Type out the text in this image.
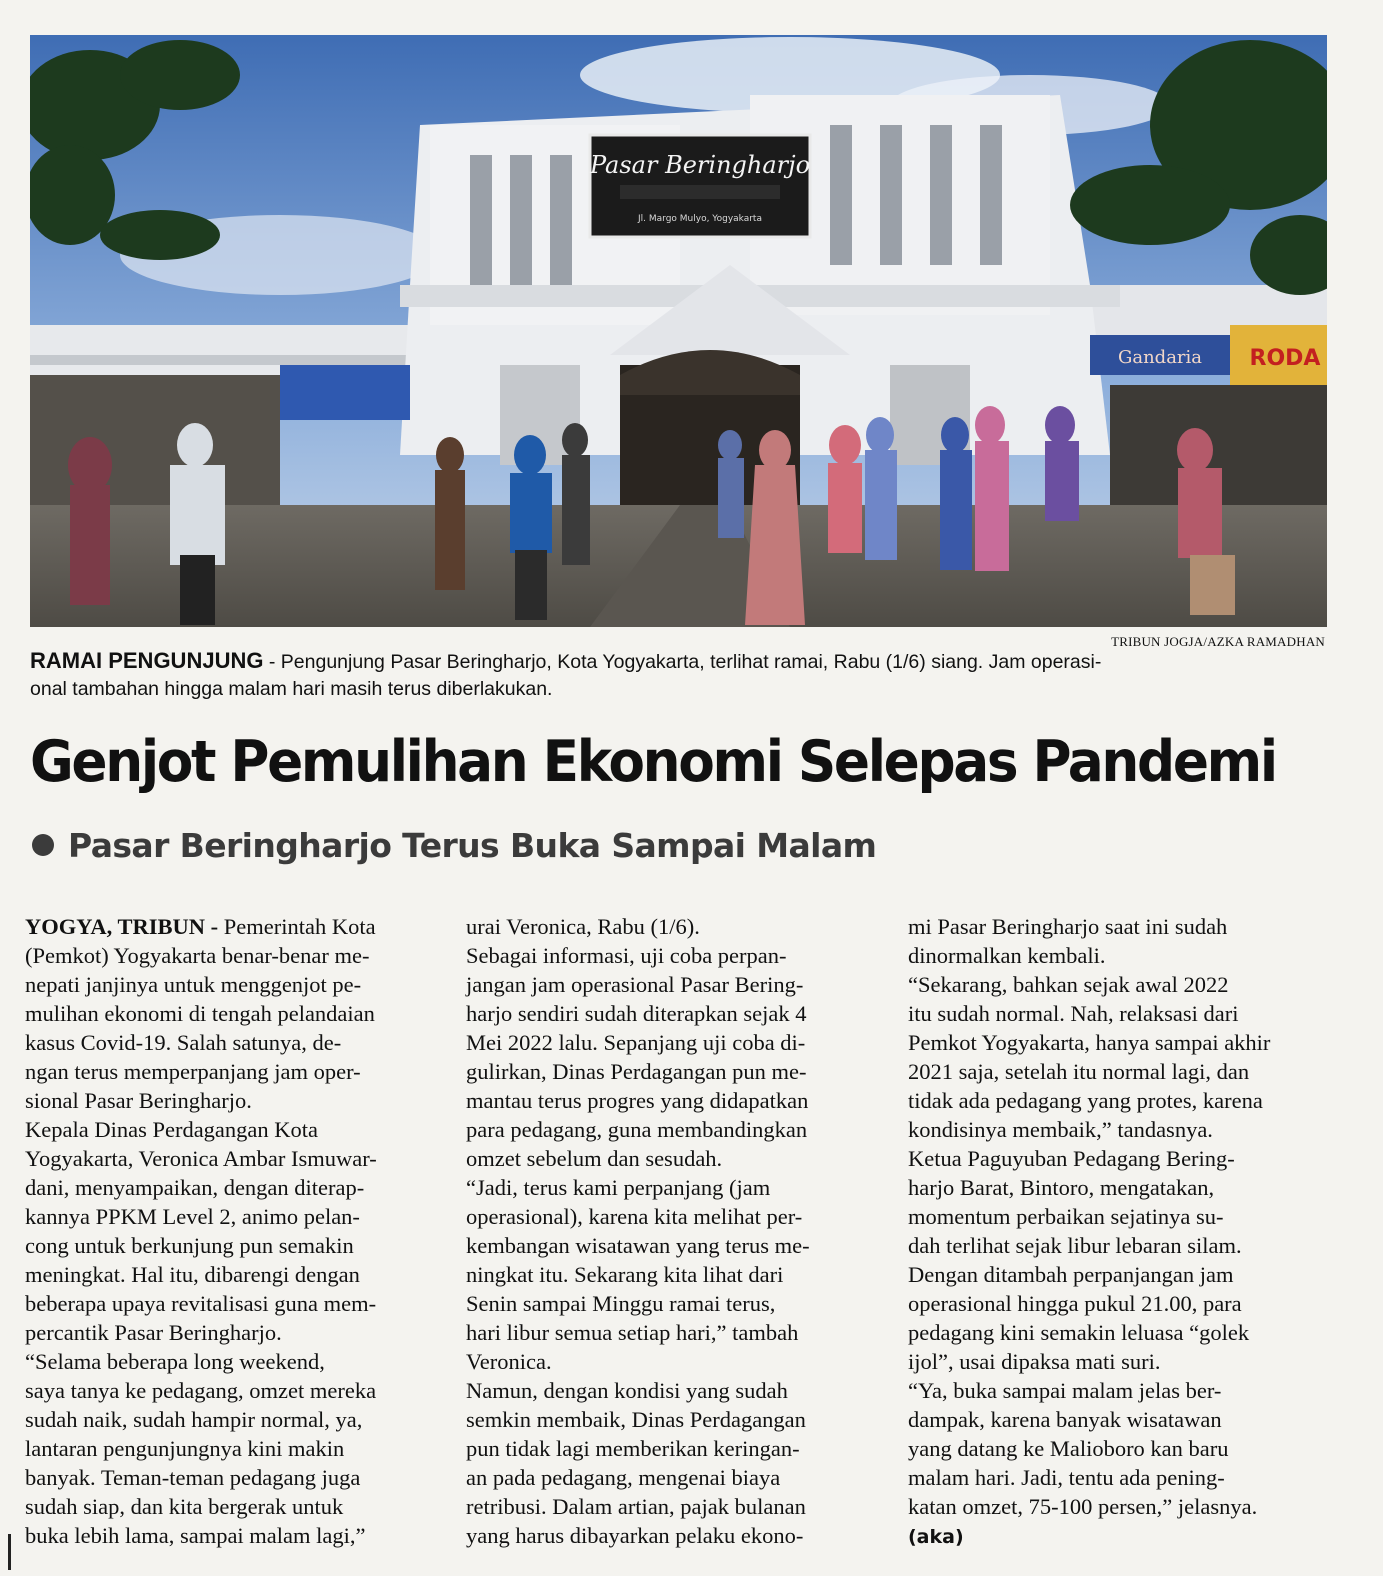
Pasar Beringharjo
Jl. Margo Mulyo, Yogyakarta
Gandaria RODA
TRIBUN JOGJA/AZKA RAMADHAN
RAMAI PENGUNJUNG - Pengunjung Pasar Beringharjo, Kota Yogyakarta, terlihat ramai, Rabu (1/6) siang. Jam operasi-
onal tambahan hingga malam hari masih terus diberlakukan.
Genjot Pemulihan Ekonomi Selepas Pandemi
Pasar Beringharjo Terus Buka Sampai Malam
YOGYA, TRIBUN - Pemerintah Kota
(Pemkot) Yogyakarta benar-benar me-
nepati janjinya untuk menggenjot pe-
mulihan ekonomi di tengah pelandaian
kasus Covid-19. Salah satunya, de-
ngan terus memperpanjang jam oper-
sional Pasar Beringharjo.
Kepala Dinas Perdagangan Kota
Yogyakarta, Veronica Ambar Ismuwar-
dani, menyampaikan, dengan diterap-
kannya PPKM Level 2, animo pelan-
cong untuk berkunjung pun semakin
meningkat. Hal itu, dibarengi dengan
beberapa upaya revitalisasi guna mem-
percantik Pasar Beringharjo.
“Selama beberapa long weekend,
saya tanya ke pedagang, omzet mereka
sudah naik, sudah hampir normal, ya,
lantaran pengunjungnya kini makin
banyak. Teman-teman pedagang juga
sudah siap, dan kita bergerak untuk
buka lebih lama, sampai malam lagi,”
urai Veronica, Rabu (1/6).
Sebagai informasi, uji coba perpan-
jangan jam operasional Pasar Bering-
harjo sendiri sudah diterapkan sejak 4
Mei 2022 lalu. Sepanjang uji coba di-
gulirkan, Dinas Perdagangan pun me-
mantau terus progres yang didapatkan
para pedagang, guna membandingkan
omzet sebelum dan sesudah.
“Jadi, terus kami perpanjang (jam
operasional), karena kita melihat per-
kembangan wisatawan yang terus me-
ningkat itu. Sekarang kita lihat dari
Senin sampai Minggu ramai terus,
hari libur semua setiap hari,” tambah
Veronica.
Namun, dengan kondisi yang sudah
semkin membaik, Dinas Perdagangan
pun tidak lagi memberikan keringan-
an pada pedagang, mengenai biaya
retribusi. Dalam artian, pajak bulanan
yang harus dibayarkan pelaku ekono-
mi Pasar Beringharjo saat ini sudah
dinormalkan kembali.
“Sekarang, bahkan sejak awal 2022
itu sudah normal. Nah, relaksasi dari
Pemkot Yogyakarta, hanya sampai akhir
2021 saja, setelah itu normal lagi, dan
tidak ada pedagang yang protes, karena
kondisinya membaik,” tandasnya.
Ketua Paguyuban Pedagang Bering-
harjo Barat, Bintoro, mengatakan,
momentum perbaikan sejatinya su-
dah terlihat sejak libur lebaran silam.
Dengan ditambah perpanjangan jam
operasional hingga pukul 21.00, para
pedagang kini semakin leluasa “golek
ijol”, usai dipaksa mati suri.
“Ya, buka sampai malam jelas ber-
dampak, karena banyak wisatawan
yang datang ke Malioboro kan baru
malam hari. Jadi, tentu ada pening-
katan omzet, 75-100 persen,” jelasnya.
(aka)
